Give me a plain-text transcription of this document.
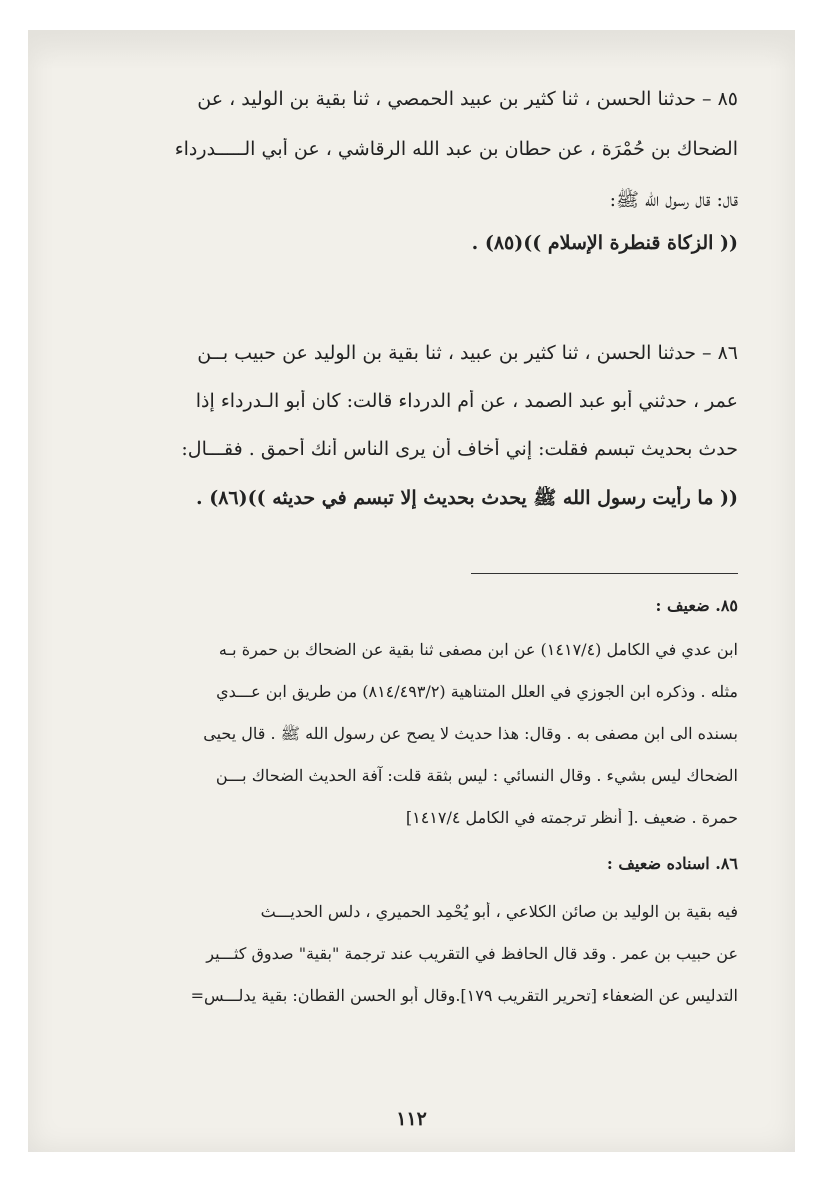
٨٥ – حدثنا الحسن ، ثنا كثير بن عبيد الحمصي ، ثنا بقية بن الوليد ، عن
الضحاك بن حُمْرَة ، عن حطان بن عبد الله الرقاشي ، عن أبي الـــــدرداء
قال: قال رسول الله ﷺ:
(( الزكاة قنطرة الإسلام ))(٨٥) .
٨٦ – حدثنا الحسن ، ثنا كثير بن عبيد ، ثنا بقية بن الوليد عن حبيب بــن
عمر ، حدثني أبو عبد الصمد ، عن أم الدرداء قالت: كان أبو الـدرداء إذا
حدث بحديث تبسم فقلت: إني أخاف أن يرى الناس أنك أحمق . فقـــال:
(( ما رأيت رسول الله ﷺ يحدث بحديث إلا تبسم في حديثه ))(٨٦) .
٨٥. ضعيف :
ابن عدي في الكامل (١٤١٧/٤) عن ابن مصفى ثنا بقية عن الضحاك بن حمرة بـه
مثله . وذكره ابن الجوزي في العلل المتناهية (٨١٤/٤٩٣/٢) من طريق ابن عـــدي
بسنده الى ابن مصفى به . وقال: هذا حديث لا يصح عن رسول الله ﷺ . قال يحيى
الضحاك ليس بشيء . وقال النسائي : ليس بثقة قلت: آفة الحديث الضحاك بـــن
حمرة . ضعيف .[ أنظر ترجمته في الكامل ١٤١٧/٤]
٨٦. اسناده ضعيف :
فيه بقية بن الوليد بن صائن الكلاعي ، أبو يُحْمِد الحميري ، دلس الحديـــث
عن حبيب بن عمر . وقد قال الحافظ في التقريب عند ترجمة "بقية" صدوق كثـــير
التدليس عن الضعفاء [تحرير التقريب ١٧٩].وقال أبو الحسن القطان: بقية يدلـــس=
١١٢
